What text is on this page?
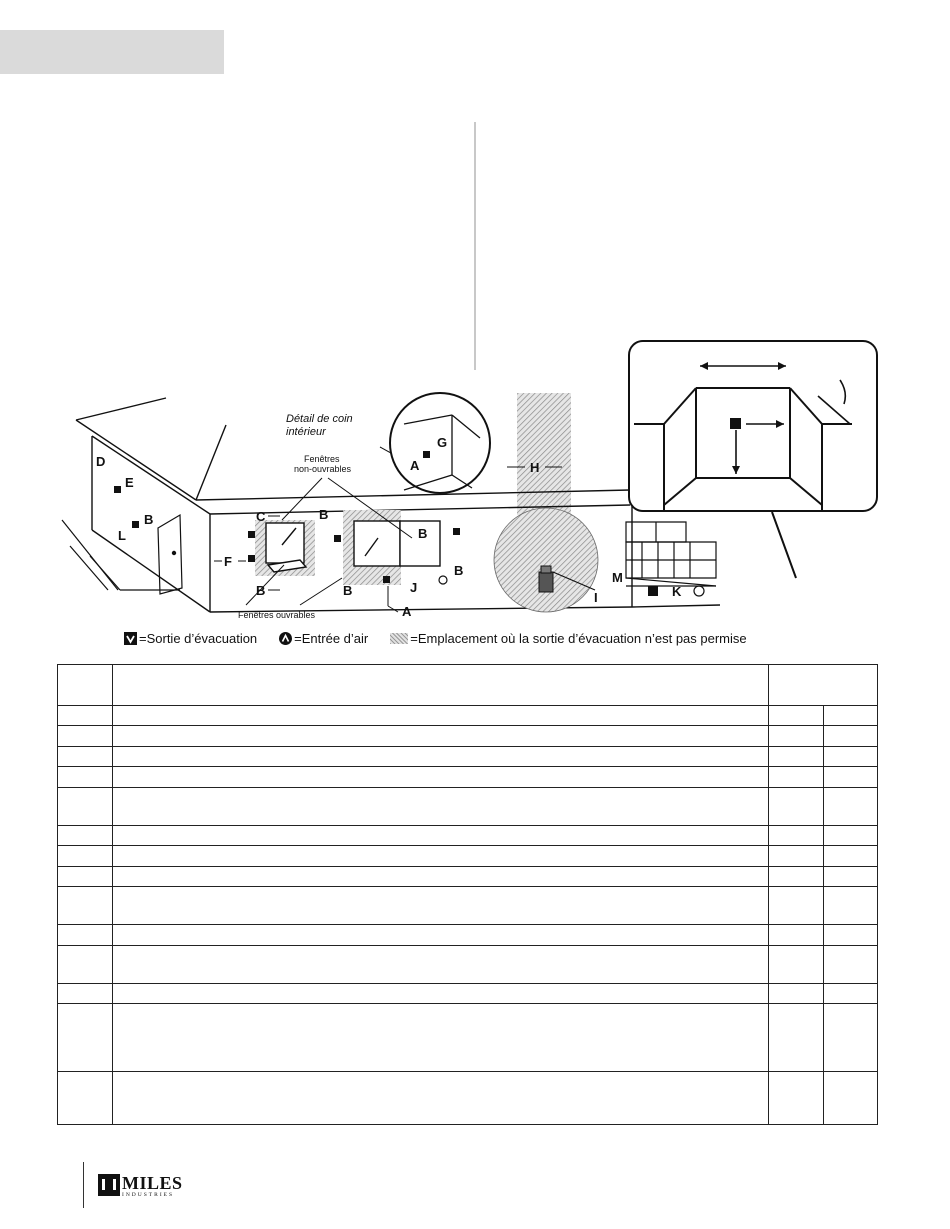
D
E
L
B	C
F
B
B
B
B
B
J
A
G
A	H
I
M
K
Détail de coin
intérieur
Fenêtres
non-ouvrables
Fenêtres ouvrables
=Sortie d’évacuation	=Entrée d’air	=Emplacement où la sortie d’évacuation n’est pas permise

MILES
INDUSTRIES
